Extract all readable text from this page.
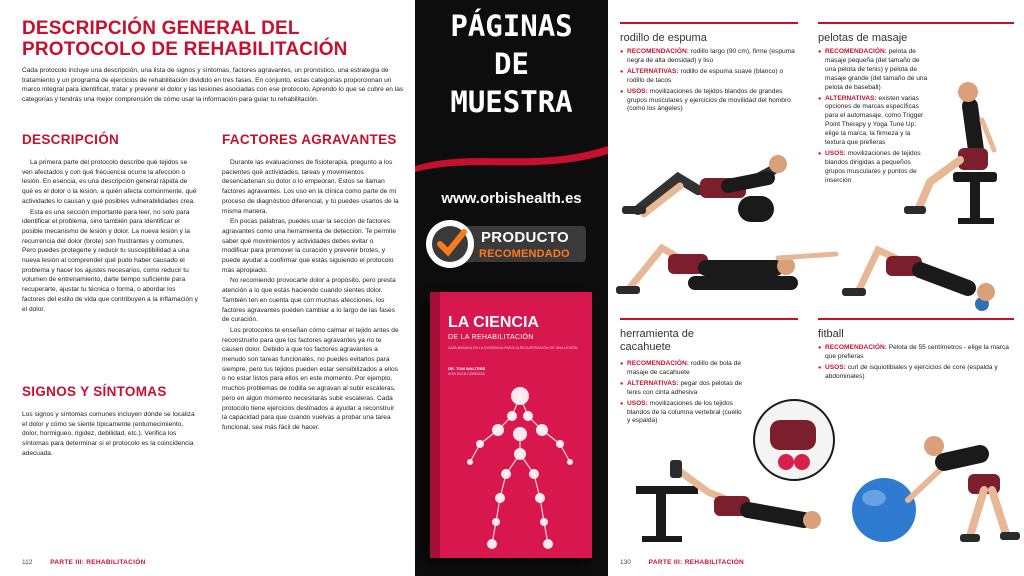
DESCRIPCIÓN GENERAL DEL
PROTOCOLO DE REHABILITACIÓN
Cada protocolo incluye una descripción, una lista de signos y síntomas, factores agravantes, un pronóstico, una estrategia de tratamiento y un programa de ejercicios de rehabilitación dividido en tres fases. En conjunto, estas categorías proporcionan un marco integral para identificar, tratar y prevenir el dolor y las lesiones asociadas con ese protocolo. Aprendo lo que se cubre en las categorías y tendrás una mejor comprensión de cómo usar la información para guiar tu rehabilitación.
DESCRIPCIÓN

La primera parte del protocolo describe qué tejidos se ven afectados y con qué frecuencia ocurre la afección o lesión. En esencia, es una descripción general rápida de qué es el dolor o la lesión, a quién afecta comúnmente, qué actividades lo causan y qué posibles vulnerabilidades crea.

Esta es una sección importante para leer, no solo para identificar el problema, sino también para identificar el posible mecanismo de lesión y dolor. La nueva lesión y la recurrencia del dolor (brote) son frustrantes y comunes. Pero puedes protegerte y reducir tu susceptibilidad a una nueva lesión al comprender qué pudo haber causado el problema y hacer los ajustes necesarios, como reducir tu volumen de entrenamiento, darte tiempo suficiente para recuperarte, ajustar tu técnica o forma, o abordar los factores del estilo de vida que contribuyen a la inflamación y el dolor.

SIGNOS Y SÍNTOMAS
Los signos y síntomas comunes incluyen dónde se localiza el dolor y cómo se siente típicamente (entumecimiento, dolor, hormigueo, rigidez, debilidad, etc.). Verifica los síntomas para determinar si el protocolo es la coincidencia adecuada.
FACTORES AGRAVANTES

Durante las evaluaciones de fisioterapia, pregunto a los pacientes qué actividades, tareas y movimientos desencadenan su dolor o lo empeoran. Estos se llaman factores agravantes. Los uso en la clínica como parte de mi proceso de diagnóstico diferencial, y tú puedes usarlos de la misma manera.

En pocas palabras, puedes usar la sección de factores agravantes como una herramienta de detección. Te permite saber qué movimientos y actividades debes evitar o modificar para promover la curación y prevenir brotes, y puede ayudar a confirmar que estás siguiendo el protocolo más apropiado.

No recomiendo provocarte dolor a propósito, pero presta atención a lo que estás haciendo cuando sientes dolor. También ten en cuenta que con muchas afecciones, los factores agravantes pueden cambiar a lo largo de las fases de curación.

Los protocolos te enseñan cómo calmar el tejido antes de reconstruirlo para que los factores agravantes ya no te causen dolor. Debido a que los factores agravantes a menudo son tareas funcionales, no puedes evitarlos para siempre, pero tus tejidos pueden estar sensibilizados a ellos o no estar listos para ellos en este momento. Por ejemplo, muchos problemas de rodilla se agravan al subir escaleras, pero en algún momento necesitarás subir escaleras. Cada protocolo tiene ejercicios destinados a ayudar a reconstruir la capacidad para que cuando vuelvas a probar una tarea funcional, sea más fácil de hacer.

112	PARTE III: REHABILITACIÓN
PÁGINAS
DE
MUESTRA
www.orbishealth.es
PRODUCTO
RECOMENDADO
LA CIENCIA
DE LA REHABILITACIÓN
GUÍA BASADA EN LA EVIDENCIA PARA LA RECUPERACIÓN DE UNA LESIÓN
DR. TOM WALTERS
CON GLEN CORDOZA
rodillo de espuma
● RECOMENDACIÓN: rodillo largo (90 cm), firme (espuma negra de alta densidad) y liso
● ALTERNATIVAS: rodillo de espuma suave (blanco) o rodillo de tacos
● USOS: movilizaciones de tejidos blandos de grandes grupos musculares y ejercicios de movilidad del hombro (como los ángeles)
pelotas de masaje
● RECOMENDACIÓN: pelota de masaje pequeña (del tamaño de una pelota de tenis) y pelota de masaje grande (del tamaño de una pelota de baseball)
● ALTERNATIVAS: existen varias opciones de marcas específicas para el automasaje, como Trigger Point Therapy y Yoga Tune Up; elige la marca, la firmeza y la textura que prefieras
● USOS: movilizaciones de tejidos blandos dirigidas a pequeños grupos musculares y puntos de inserción
herramienta de
cacahuete
● RECOMENDACIÓN: rodillo de bola de masaje de cacahuete
● ALTERNATIVAS: pegar dos pelotas de tenis con cinta adhesiva
● USOS: movilizaciones de los tejidos blandos de la columna vertebral (cuello y espalda)
fitball
● RECOMENDACIÓN: Pelota de 55 centímetros - elige la marca que prefieras
● USOS: curl de isquiotibiales y ejercicios de core (espalda y abdominales)
130	PARTE III: REHABILITACIÓN
